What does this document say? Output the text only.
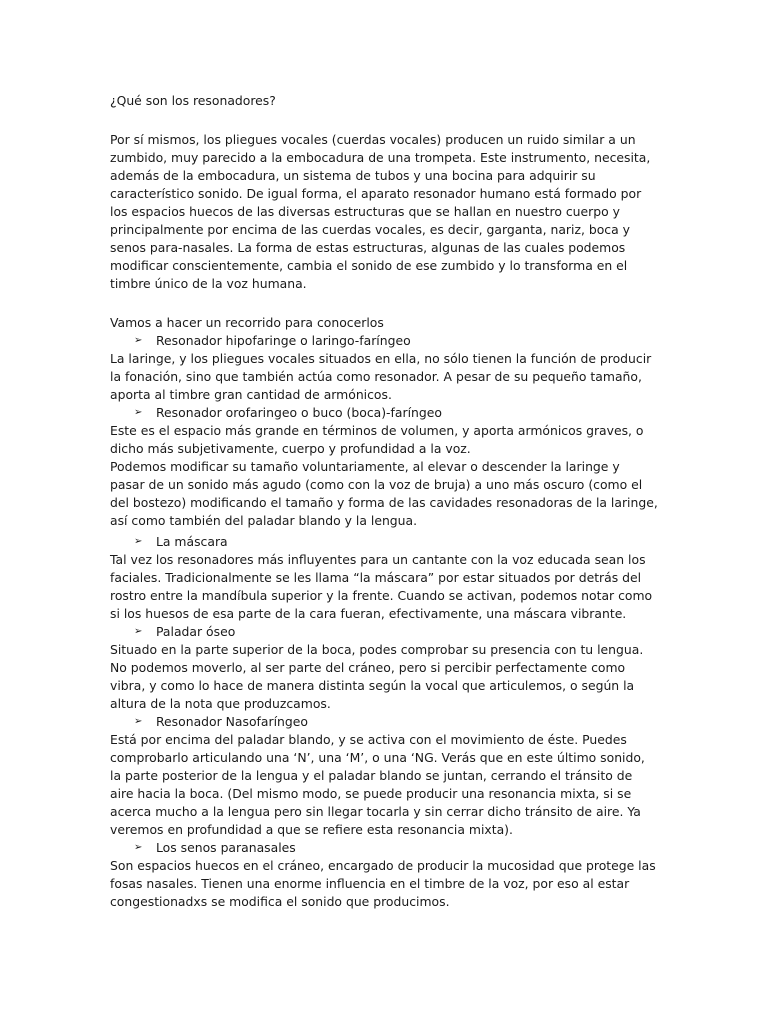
¿Qué son los resonadores?

Por sí mismos, los pliegues vocales (cuerdas vocales) producen un ruido similar a un zumbido, muy parecido a la embocadura de una trompeta. Este instrumento, necesita, además de la embocadura, un sistema de tubos y una bocina para adquirir su característico sonido. De igual forma, el aparato resonador humano está formado por los espacios huecos de las diversas estructuras que se hallan en nuestro cuerpo y principalmente por encima de las cuerdas vocales, es decir, garganta, nariz, boca y senos para-nasales. La forma de estas estructuras, algunas de las cuales podemos modificar conscientemente, cambia el sonido de ese zumbido y lo transforma en el timbre único de la voz humana.

Vamos a hacer un recorrido para conocerlos

➢	Resonador hipofaringe o laringo-faríngeo

La laringe, y los pliegues vocales situados en ella, no sólo tienen la función de producir la fonación, sino que también actúa como resonador. A pesar de su pequeño tamaño, aporta al timbre gran cantidad de armónicos.

➢	Resonador orofaringeo o buco (boca)-faríngeo

Este es el espacio más grande en términos de volumen, y aporta armónicos graves, o dicho más subjetivamente, cuerpo y profundidad a la voz.

Podemos modificar su tamaño voluntariamente, al elevar o descender la laringe y pasar de un sonido más agudo (como con la voz de bruja) a uno más oscuro (como el del bostezo) modificando el tamaño y forma de las cavidades resonadoras de la laringe, así como también del paladar blando y la lengua.

➢	La máscara

Tal vez los resonadores más influyentes para un cantante con la voz educada sean los faciales. Tradicionalmente se les llama “la máscara” por estar situados por detrás del rostro entre la mandíbula superior y la frente. Cuando se activan, podemos notar como si los huesos de esa parte de la cara fueran, efectivamente, una máscara vibrante.

➢	Paladar óseo

Situado en la parte superior de la boca, podes comprobar su presencia con tu lengua. No podemos moverlo, al ser parte del cráneo, pero si percibir perfectamente como vibra, y como lo hace de manera distinta según la vocal que articulemos, o según la altura de la nota que produzcamos.

➢	Resonador Nasofaríngeo

Está por encima del paladar blando, y se activa con el movimiento de éste. Puedes comprobarlo articulando una ‘N’, una ‘M’, o una ‘NG. Verás que en este último sonido, la parte posterior de la lengua y el paladar blando se juntan, cerrando el tránsito de aire hacia la boca. (Del mismo modo, se puede producir una resonancia mixta, si se acerca mucho a la lengua pero sin llegar tocarla y sin cerrar dicho tránsito de aire. Ya veremos en profundidad a que se refiere esta resonancia mixta).

➢	Los senos paranasales

Son espacios huecos en el cráneo, encargado de producir la mucosidad que protege las fosas nasales. Tienen una enorme influencia en el timbre de la voz, por eso al estar congestionadxs se modifica el sonido que producimos.
